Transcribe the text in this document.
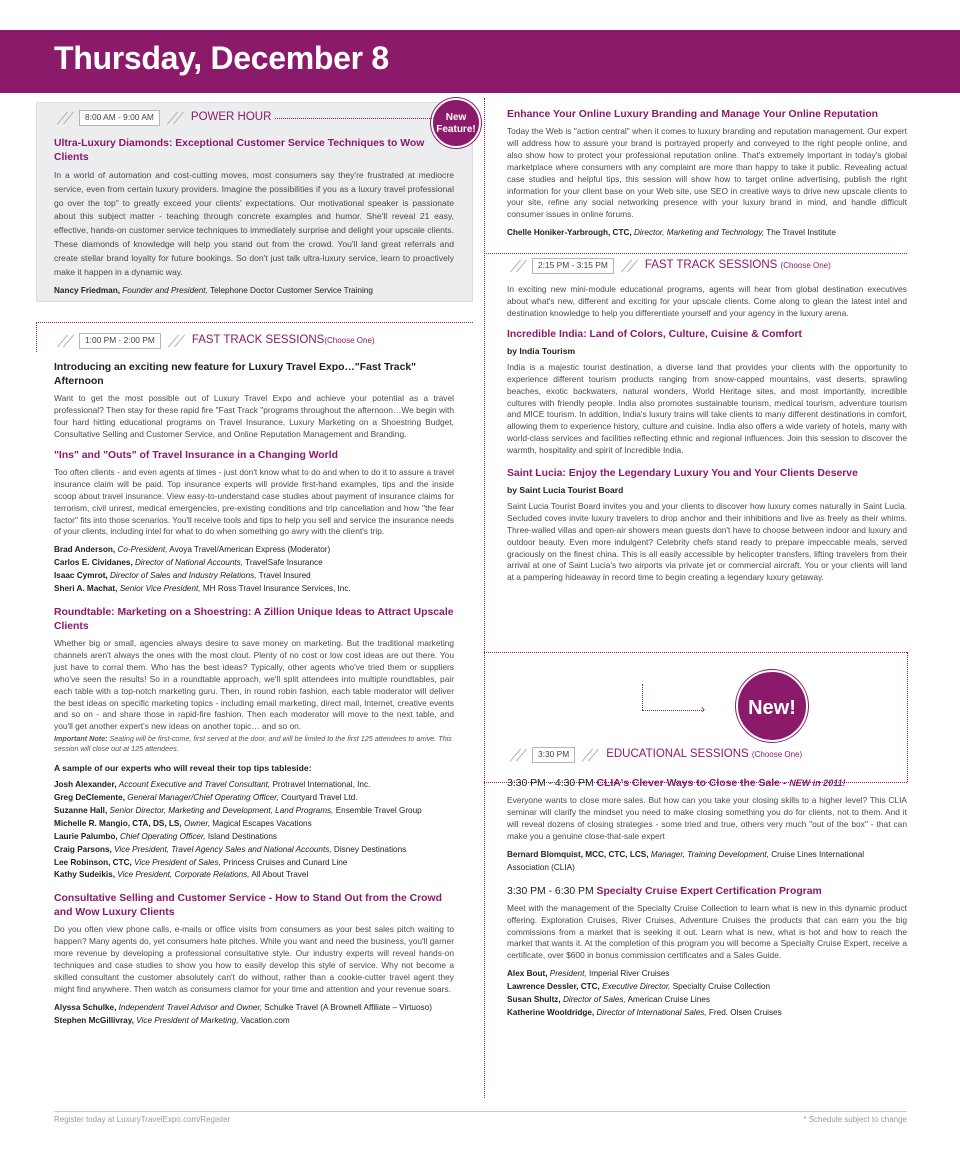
Thursday, December 8
›
New Feature!
New!
8:00 AM - 9:00 AM	POWER HOUR
Ultra-Luxury Diamonds: Exceptional Customer Service Techniques to Wow Clients
In a world of automation and cost-cutting moves, most consumers say they're frustrated at mediocre service, even from certain luxury providers. Imagine the possibilities if you as a luxury travel professional go over the top" to greatly exceed your clients' expectations. Our motivational speaker is passionate about this subject matter - teaching through concrete examples and humor. She'll reveal 21 easy, effective, hands-on customer service techniques to immediately surprise and delight your upscale clients. These diamonds of knowledge will help you stand out from the crowd. You'll land great referrals and create stellar brand loyalty for future bookings. So don't just talk ultra-luxury service, learn to proactively make it happen in a dynamic way.
Nancy Friedman, Founder and President, Telephone Doctor Customer Service Training
1:00 PM - 2:00 PM	FAST TRACK SESSIONS(Choose One)
Introducing an exciting new feature for Luxury Travel Expo…"Fast Track" Afternoon
Want to get the most possible out of Luxury Travel Expo and achieve your potential as a travel professional? Then stay for these rapid fire "Fast Track "programs throughout the afternoon…We begin with four hard hitting educational programs on Travel Insurance, Luxury Marketing on a Shoestring Budget, Consultative Selling and Customer Service, and Online Reputation Management and Branding.
"Ins" and "Outs" of Travel Insurance in a Changing World
Too often clients - and even agents at times - just don't know what to do and when to do it to assure a travel insurance claim will be paid. Top insurance experts will provide first-hand examples, tips and the inside scoop about travel insurance. View easy-to-understand case studies about payment of insurance claims for terrorism, civil unrest, medical emergencies, pre-existing conditions and trip cancellation and how "the fear factor" fits into those scenarios. You'll receive tools and tips to help you sell and service the insurance needs of your clients, including intel for what to do when something go awry with the client's trip.
Brad Anderson, Co-President, Avoya Travel/American Express (Moderator)
Carlos E. Cividanes, Director of National Accounts, TravelSafe Insurance
Isaac Cymrot, Director of Sales and Industry Relations, Travel Insured
Sheri A. Machat, Senior Vice President, MH Ross Travel Insurance Services, Inc.
Roundtable: Marketing on a Shoestring: A Zillion Unique Ideas to Attract Upscale Clients
Whether big or small, agencies always desire to save money on marketing. But the traditional marketing channels aren't always the ones with the most clout. Plenty of no cost or low cost ideas are out there. You just have to corral them. Who has the best ideas? Typically, other agents who've tried them or suppliers who've seen the results! So in a roundtable approach, we'll split attendees into multiple roundtables, pair each table with a top-notch marketing guru. Then, in round robin fashion, each table moderator will deliver the best ideas on specific marketing topics - including email marketing, direct mail, Internet, creative events and so on - and share those in rapid-fire fashion. Then each moderator will move to the next table, and you'll get another expert's new ideas on another topic… and so on.
Important Note: Seating will be first-come, first served at the door, and will be limited to the first 125 attendees to arrive. This session will close out at 125 attendees.
A sample of our experts who will reveal their top tips tableside:
Josh Alexander, Account Executive and Travel Consultant, Protravel International, Inc.
Greg DeClemente, General Manager/Chief Operating Officer, Courtyard Travel Ltd.
Suzanne Hall, Senior Director, Marketing and Development, Land Programs, Ensemble Travel Group
Michelle R. Mangio, CTA, DS, LS, Owner, Magical Escapes Vacations
Laurie Palumbo, Chief Operating Officer, Island Destinations
Craig Parsons, Vice President, Travel Agency Sales and National Accounts, Disney Destinations
Lee Robinson, CTC, Vice President of Sales, Princess Cruises and Cunard Line
Kathy Sudeikis, Vice President, Corporate Relations, All About Travel
Consultative Selling and Customer Service - How to Stand Out from the Crowd and Wow Luxury Clients
Do you often view phone calls, e-mails or office visits from consumers as your best sales pitch waiting to happen? Many agents do, yet consumers hate pitches. While you want and need the business, you'll garner more revenue by developing a professional consultative style. Our industry experts will reveal hands-on techniques and case studies to show you how to easily develop this style of service. Why not become a skilled consultant the customer absolutely can't do without, rather than a cookie-cutter travel agent they might find anywhere. Then watch as consumers clamor for your time and attention and your revenue soars.
Alyssa Schulke, Independent Travel Advisor and Owner, Schulke Travel (A Brownell Affiliate – Virtuoso)
Stephen McGillivray, Vice President of Marketing, Vacation.com
Enhance Your Online Luxury Branding and Manage Your Online Reputation
Today the Web is "action central" when it comes to luxury branding and reputation management. Our expert will address how to assure your brand is portrayed properly and conveyed to the right people online, and also show how to protect your professional reputation online. That's extremely important in today's global marketplace where consumers with any complaint are more than happy to take it public. Revealing actual case studies and helpful tips, this session will show how to target online advertising, publish the right information for your client base on your Web site, use SEO in creative ways to drive new upscale clients to your site, refine any social networking presence with your luxury brand in mind, and handle difficult consumer issues in online forums.
Chelle Honiker-Yarbrough, CTC, Director, Marketing and Technology, The Travel Institute
2:15 PM - 3:15 PM	FAST TRACK SESSIONS (Choose One)
In exciting new mini-module educational programs, agents will hear from global destination executives about what's new, different and exciting for your upscale clients. Come along to glean the latest intel and destination knowledge to help you differentiate yourself and your agency in the luxury arena.
Incredible India: Land of Colors, Culture, Cuisine & Comfort
by India Tourism
India is a majestic tourist destination, a diverse land that provides your clients with the opportunity to experience different tourism products ranging from snow-capped mountains, vast deserts, sprawling beaches, exotic backwaters, natural wonders, World Heritage sites, and most importantly, incredible cultures with friendly people. India also promotes sustainable tourism, medical tourism, adventure tourism and MICE tourism. In addition, India's luxury trains will take clients to many different destinations in comfort, allowing them to experience history, culture and cuisine. India also offers a wide variety of hotels, many with world-class services and facilities reflecting ethnic and regional influences. Join this session to discover the warmth, hospitality and spirit of Incredible India.
Saint Lucia: Enjoy the Legendary Luxury You and Your Clients Deserve
by Saint Lucia Tourist Board
Saint Lucia Tourist Board invites you and your clients to discover how luxury comes naturally in Saint Lucia. Secluded coves invite luxury travelers to drop anchor and their inhibitions and live as freely as their whims. Three-walled villas and open-air showers mean guests don't have to choose between indoor and luxury and outdoor beauty. Even more indulgent? Celebrity chefs stand ready to prepare impeccable meals, served graciously on the finest china. This is all easily accessible by helicopter transfers, lifting travelers from their arrival at one of Saint Lucia's two airports via private jet or commercial aircraft. You or your clients will land at a pampering hideaway in record time to begin creating a legendary luxury getaway.
3:30 PM	EDUCATIONAL SESSIONS (Choose One)
3:30 PM - 4:30 PM CLIA's Clever Ways to Close the Sale - NEW in 2011!
Everyone wants to close more sales. But how can you take your closing skills to a higher level? This CLIA seminar will clarify the mindset you need to make closing something you do for clients, not to them. And it will reveal dozens of closing strategies - some tried and true, others very much "out of the box" - that can make you a genuine close-that-sale expert
Bernard Blomquist, MCC, CTC, LCS, Manager, Training Development, Cruise Lines International Association (CLIA)
3:30 PM - 6:30 PM Specialty Cruise Expert Certification Program
Meet with the management of the Specialty Cruise Collection to learn what is new in this dynamic product offering. Exploration Cruises, River Cruises, Adventure Cruises the products that can earn you the big commissions from a market that is seeking it out. Learn what is new, what is hot and how to reach the market that wants it. At the completion of this program you will become a Specialty Cruise Expert, receive a certificate, over $600 in bonus commission certificates and a Sales Guide.
Alex Bout, President, Imperial River Cruises
Lawrence Dessler, CTC, Executive Director, Specialty Cruise Collection
Susan Shultz, Director of Sales, American Cruise Lines
Katherine Wooldridge, Director of International Sales, Fred. Olsen Cruises
Register today at LuxuryTravelExpo.com/Register	* Schedule subject to change
